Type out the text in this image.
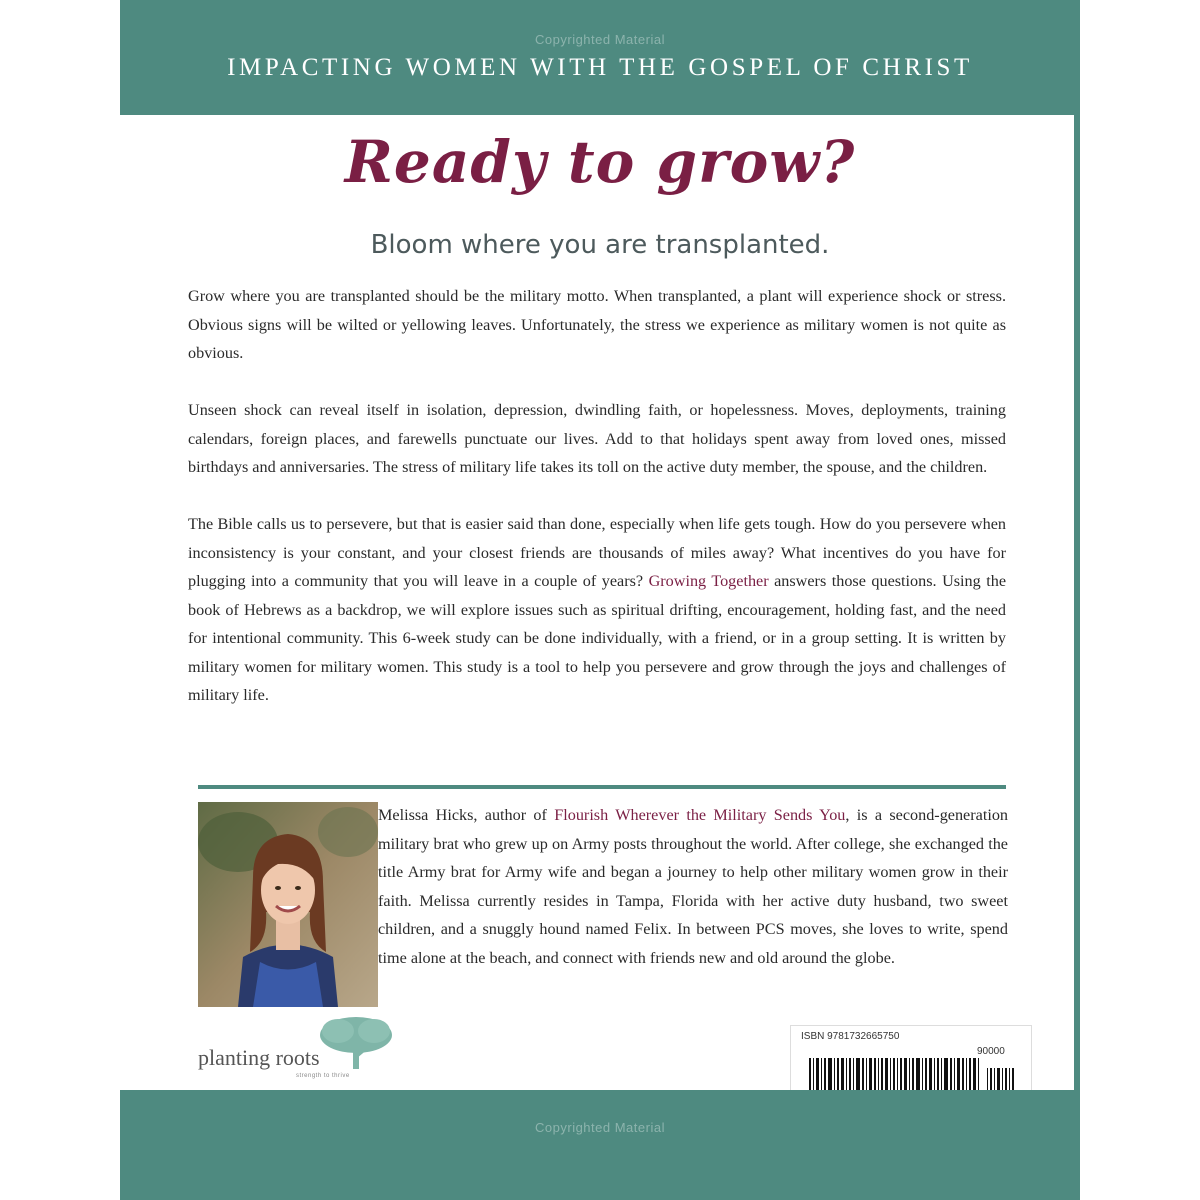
Copyrighted Material
IMPACTING WOMEN WITH THE GOSPEL OF CHRIST
Ready to grow?
Bloom where you are transplanted.

Grow where you are transplanted should be the military motto. When transplanted, a plant will experience shock or stress. Obvious signs will be wilted or yellowing leaves. Unfortunately, the stress we experience as military women is not quite as obvious.

Unseen shock can reveal itself in isolation, depression, dwindling faith, or hopelessness. Moves, deployments, training calendars, foreign places, and farewells punctuate our lives. Add to that holidays spent away from loved ones, missed birthdays and anniversaries. The stress of military life takes its toll on the active duty member, the spouse, and the children.

The Bible calls us to persevere, but that is easier said than done, especially when life gets tough. How do you persevere when inconsistency is your constant, and your closest friends are thousands of miles away? What incentives do you have for plugging into a community that you will leave in a couple of years? Growing Together answers those questions. Using the book of Hebrews as a backdrop, we will explore issues such as spiritual drifting, encouragement, holding fast, and the need for intentional community. This 6-week study can be done individually, with a friend, or in a group setting. It is written by military women for military women. This study is a tool to help you persevere and grow through the joys and challenges of military life.

Melissa Hicks, author of Flourish Wherever the Military Sends You, is a second-generation military brat who grew up on Army posts throughout the world. After college, she exchanged the title Army brat for Army wife and began a journey to help other military women grow in their faith. Melissa currently resides in Tampa, Florida with her active duty husband, two sweet children, and a snuggly hound named Felix. In between PCS moves, she loves to write, spend time alone at the beach, and connect with friends new and old around the globe.
planting roots
strength to thrive
ISBN 9781732665750
90000
Copyrighted Material
